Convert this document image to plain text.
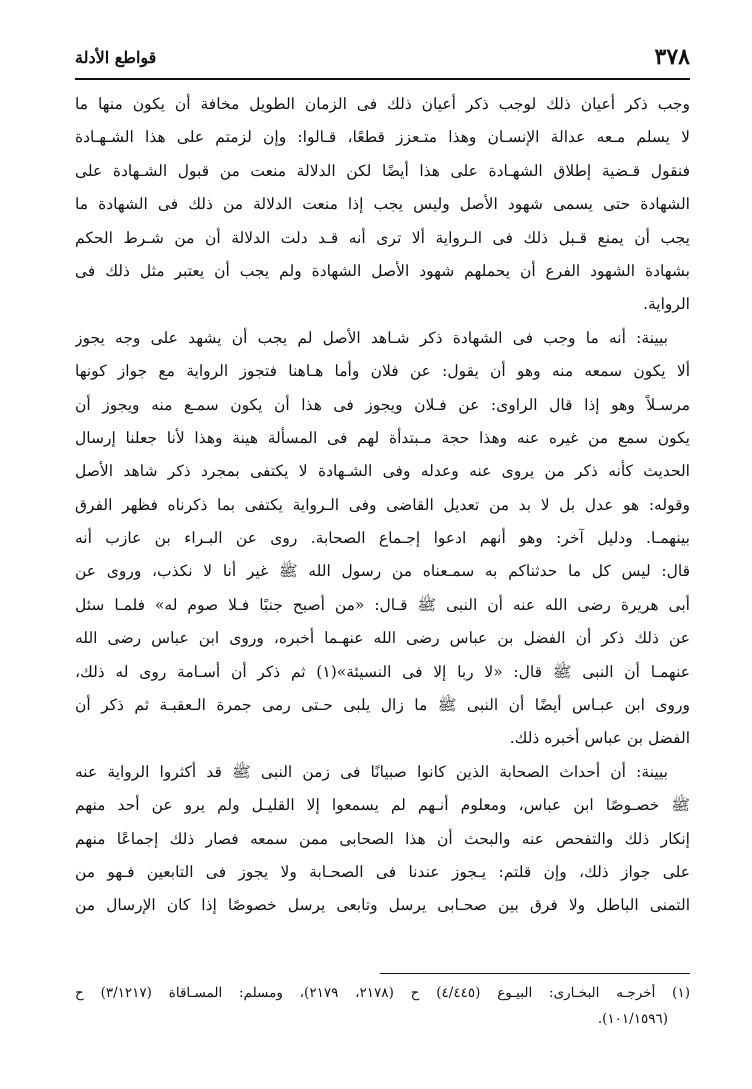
٣٧٨
قواطع الأدلة
وجب ذكر أعيان ذلك لوجب ذكر أعيان ذلك فى الزمان الطويل مخافة أن يكون منها ما
لا يسلم مـعه عدالة الإنسـان وهذا متـعزز قطعًا، قـالوا: وإن لزمتم على هذا الشـهـادة
فنقول قـضية إطلاق الشهـادة على هذا أيضًا لكن الدلالة منعت من قبول الشـهادة على
الشهادة حتى يسمى شهود الأصل وليس يجب إذا منعت الدلالة من ذلك فى الشهادة ما
يجب أن يمنع قـبل ذلك فى الـرواية ألا ترى أنه قـد دلت الدلالة أن من شـرط الحكم
بشهادة الشهود الفرع أن يحملهم شهود الأصل الشهادة ولم يجب أن يعتبر مثل ذلك فى
الرواية.
بيينة: أنه ما وجب فى الشهادة ذكر شـاهد الأصل لم يجب أن يشهد على وجه يجوز
ألا يكون سمعه منه وهو أن يقول: عن فلان وأما هـاهنا فتجوز الرواية مع جواز كونها
مرسـلاً وهو إذا قال الراوى: عن فـلان ويجوز فى هذا أن يكون سمـع منه ويجوز أن
يكون سمع من غيره عنه وهذا حجة مـبتدأة لهم فى المسألة هينة وهذا لأنا جعلنا إرسال
الحديث كأنه ذكر من يروى عنه وعدله وفى الشـهادة لا يكتفى بمجرد ذكر شاهد الأصل
وقوله: هو عدل بل لا بد من تعديل القاضى وفى الـرواية يكتفى بما ذكرناه فظهر الفرق
بينهمـا. ودليل آخر: وهو أنهم ادعوا إجـماع الصحابة. روى عن البـراء بن عازب أنه
قال: ليس كل ما حدثناكم به سمـعناه من رسول الله ﷺ غير أنا لا نكذب، وروى عن
أبى هريرة رضى الله عنه أن النبى ﷺ قـال: «من أصبح جنبًا فـلا صوم له» فلمـا سئل
عن ذلك ذكر أن الفضل بن عباس رضى الله عنهـما أخبره، وروى ابن عباس رضى الله
عنهمـا أن النبى ﷺ قال: «لا ربا إلا فى النسيئة»(١) ثم ذكر أن أسـامة روى له ذلك،
وروى ابن عبـاس أيضًا أن النبى ﷺ ما زال يلبى حـتى رمى جمرة الـعقبـة ثم ذكر أن
الفضل بن عباس أخبره ذلك.
بيينة: أن أحداث الصحابة الذين كانوا صبيانًا فى زمن النبى ﷺ قد أكثروا الرواية عنه
ﷺ خصـوصًا ابن عباس، ومعلوم أنـهم لم يسمعوا إلا القليـل ولم يرو عن أحد منهم
إنكار ذلك والتفحص عنه والبحث أن هذا الصحابى ممن سمعه فصار ذلك إجماعًا منهم
على جواز ذلك، وإن قلتم: يـجوز عندنا فى الصحـابة ولا يجوز فى التابعين فـهو من
التمنى الباطل ولا فرق بين صحـابى يرسل وتابعى يرسل خصوصًا إذا كان الإرسال من
(١) أخرجـه البخـارى: البيـوع (٤/٤٤٥) ح (٢١٧٨، ٢١٧٩)، ومسلم: المسـاقاة (٣/١٢١٧) ح
(١٠١/١٥٩٦).
